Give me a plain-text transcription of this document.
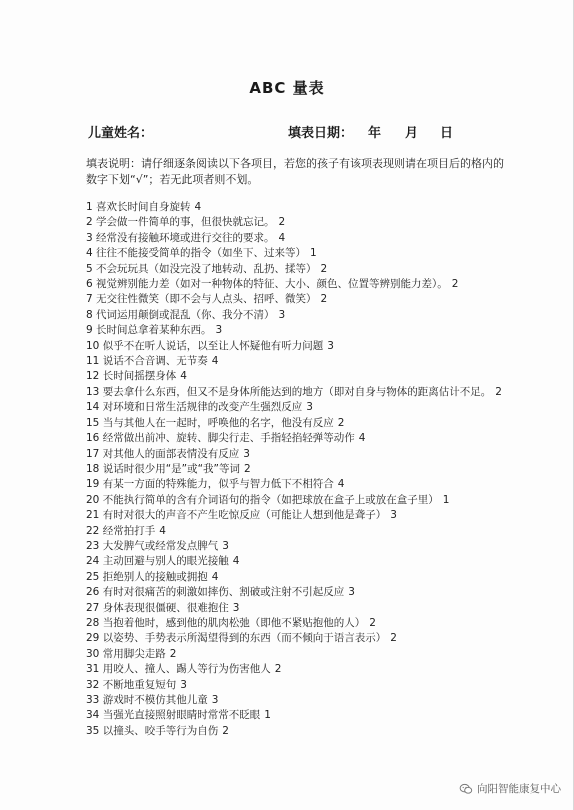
ABC 量表
儿童姓名：	填表日期： 年 月 日
填表说明：请仔细逐条阅读以下各项目，若您的孩子有该项表现则请在项目后的格内的数字下划“√”；若无此项者则不划。
1 喜欢长时间自身旋转 4
2 学会做一件简单的事，但很快就忘记。 2
3 经常没有接触环境或进行交往的要求。 4
4 往往不能接受简单的指令（如坐下、过来等） 1
5 不会玩玩具（如没完没了地转动、乱扔、揉等） 2
6 视觉辨别能力差（如对一种物体的特征、大小、颜色、位置等辨别能力差）。 2
7 无交往性微笑（即不会与人点头、招呼、微笑） 2
8 代词运用颠倒或混乱（你、我分不清） 3
9 长时间总拿着某种东西。 3
10 似乎不在听人说话，以至让人怀疑他有听力问题 3
11 说话不合音调、无节奏 4
12 长时间摇摆身体 4
13 要去拿什么东西，但又不是身体所能达到的地方（即对自身与物体的距离估计不足。 2
14 对环境和日常生活规律的改变产生强烈反应 3
15 当与其他人在一起时，呼唤他的名字，他没有反应 2
16 经常做出前冲、旋转、脚尖行走、手指轻掐轻弹等动作 4
17 对其他人的面部表情没有反应 3
18 说话时很少用“是”或“我”等词 2
19 有某一方面的特殊能力，似乎与智力低下不相符合 4
20 不能执行简单的含有介词语句的指令（如把球放在盒子上或放在盒子里） 1
21 有时对很大的声音不产生吃惊反应（可能让人想到他是聋子） 3
22 经常拍打手 4
23 大发脾气或经常发点脾气 3
24 主动回避与别人的眼光接触 4
25 拒绝别人的接触或拥抱 4
26 有时对很痛苦的刺激如摔伤、割破或注射不引起反应 3
27 身体表现很僵硬、很难抱住 3
28 当抱着他时，感到他的肌肉松弛（即他不紧贴抱他的人） 2
29 以姿势、手势表示所渴望得到的东西（而不倾向于语言表示） 2
30 常用脚尖走路 2
31 用咬人、撞人、踢人等行为伤害他人 2
32 不断地重复短句 3
33 游戏时不模仿其他儿童 3
34 当强光直接照射眼睛时常常不眨眼 1
35 以撞头、咬手等行为自伤 2
向阳智能康复中心
